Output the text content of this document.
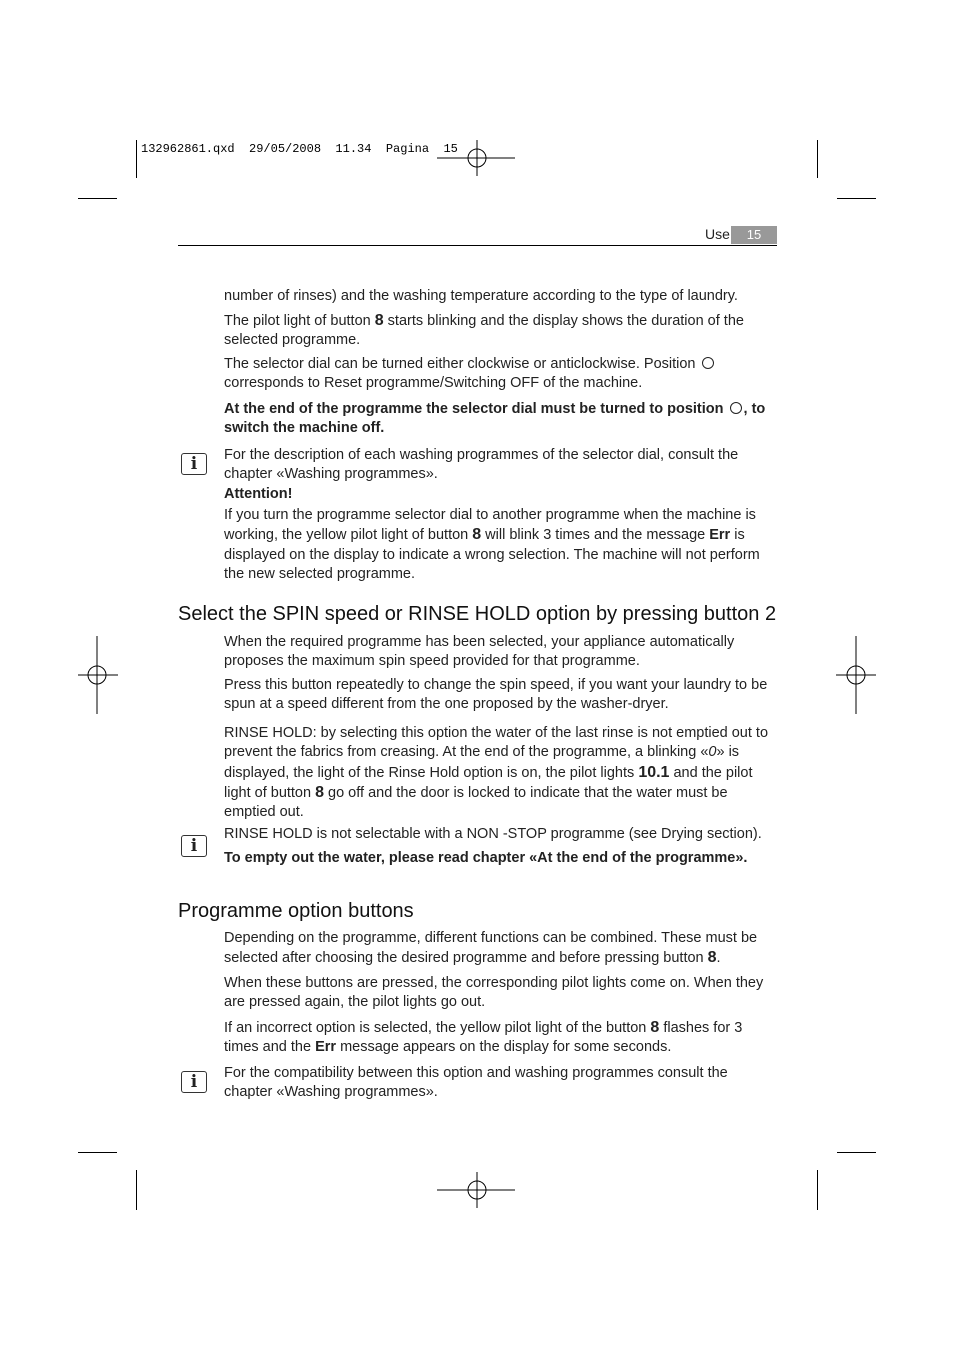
132962861.qxd  29/05/2008  11.34  Pagina  15
Use	15
number of rinses) and the washing temperature according to the type of laundry.
The pilot light of button 8 starts blinking and the display shows the duration of the selected programme.
The selector dial can be turned either clockwise or anticlockwise. Position  corresponds to Reset programme/Switching OFF of the machine.
At the end of the programme the selector dial must be turned to position , to switch the machine off.
i For the description of each washing programmes of the selector dial, consult the chapter «Washing programmes».
Attention!
If you turn the programme selector dial to another programme when the machine is working, the yellow pilot light of button 8 will blink 3 times and the message Err is displayed on the display to indicate a wrong selection. The machine will not perform the new selected programme.
Select the SPIN speed or RINSE HOLD option by pressing button 2
When the required programme has been selected, your appliance automatically proposes the maximum spin speed provided for that programme.
Press this button repeatedly to change the spin speed, if you want your laundry to be spun at a speed different from the one proposed by the washer-dryer.
RINSE HOLD: by selecting this option the water of the last rinse is not emptied out to prevent the fabrics from creasing. At the end of the programme, a blinking «0» is displayed, the light of the Rinse Hold option is on, the pilot lights 10.1 and the pilot light of button 8 go off and the door is locked to indicate that the water must be emptied out.
i
RINSE HOLD is not selectable with a NON -STOP programme (see Drying section).
To empty out the water, please read chapter «At the end of the programme».
Programme option buttons
Depending on the programme, different functions can be combined. These must be selected after choosing the desired programme and before pressing button 8.
When these buttons are pressed, the corresponding pilot lights come on. When they are pressed again, the pilot lights go out.
If an incorrect option is selected, the yellow pilot light of the button 8 flashes for 3 times and the Err message appears on the display for some seconds.
i For the compatibility between this option and washing programmes consult the chapter «Washing programmes».
